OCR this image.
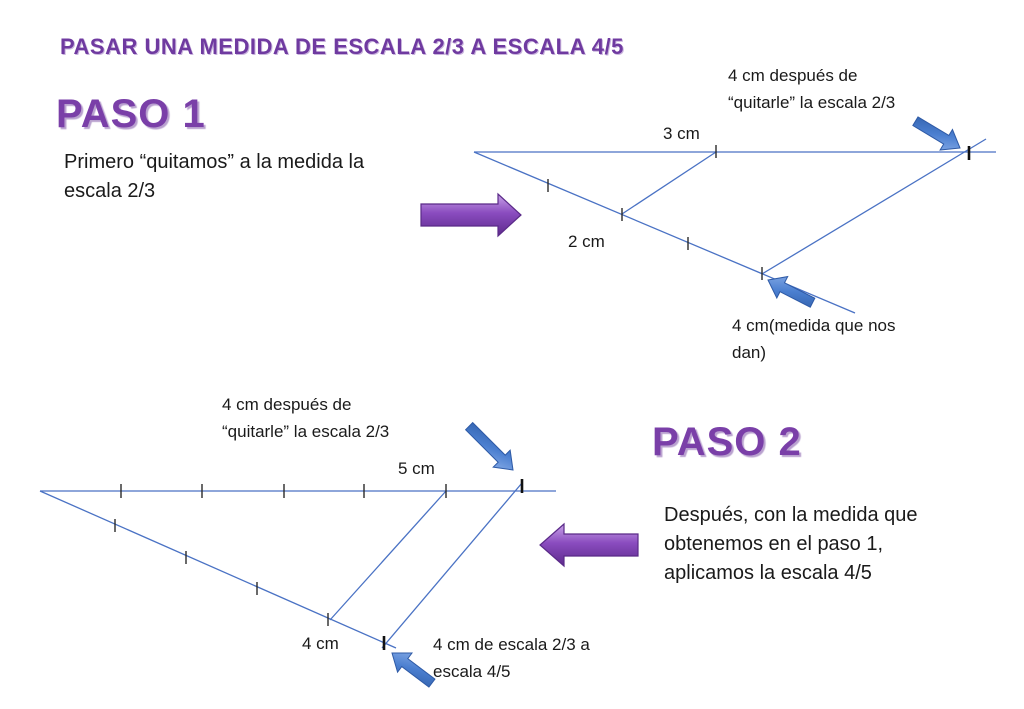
PASAR UNA MEDIDA DE ESCALA 2/3 A ESCALA 4/5

PASO 1

Primero “quitamos” a la medida la
escala 2/3

4 cm después de
“quitarle” la escala 2/3

3 cm

2 cm

4 cm(medida que nos
dan)

PASO 2

Después, con la medida que
obtenemos en el paso 1,
aplicamos la escala 4/5

4 cm después de
“quitarle” la escala 2/3

5 cm

4 cm	4 cm de escala 2/3 a
escala 4/5
